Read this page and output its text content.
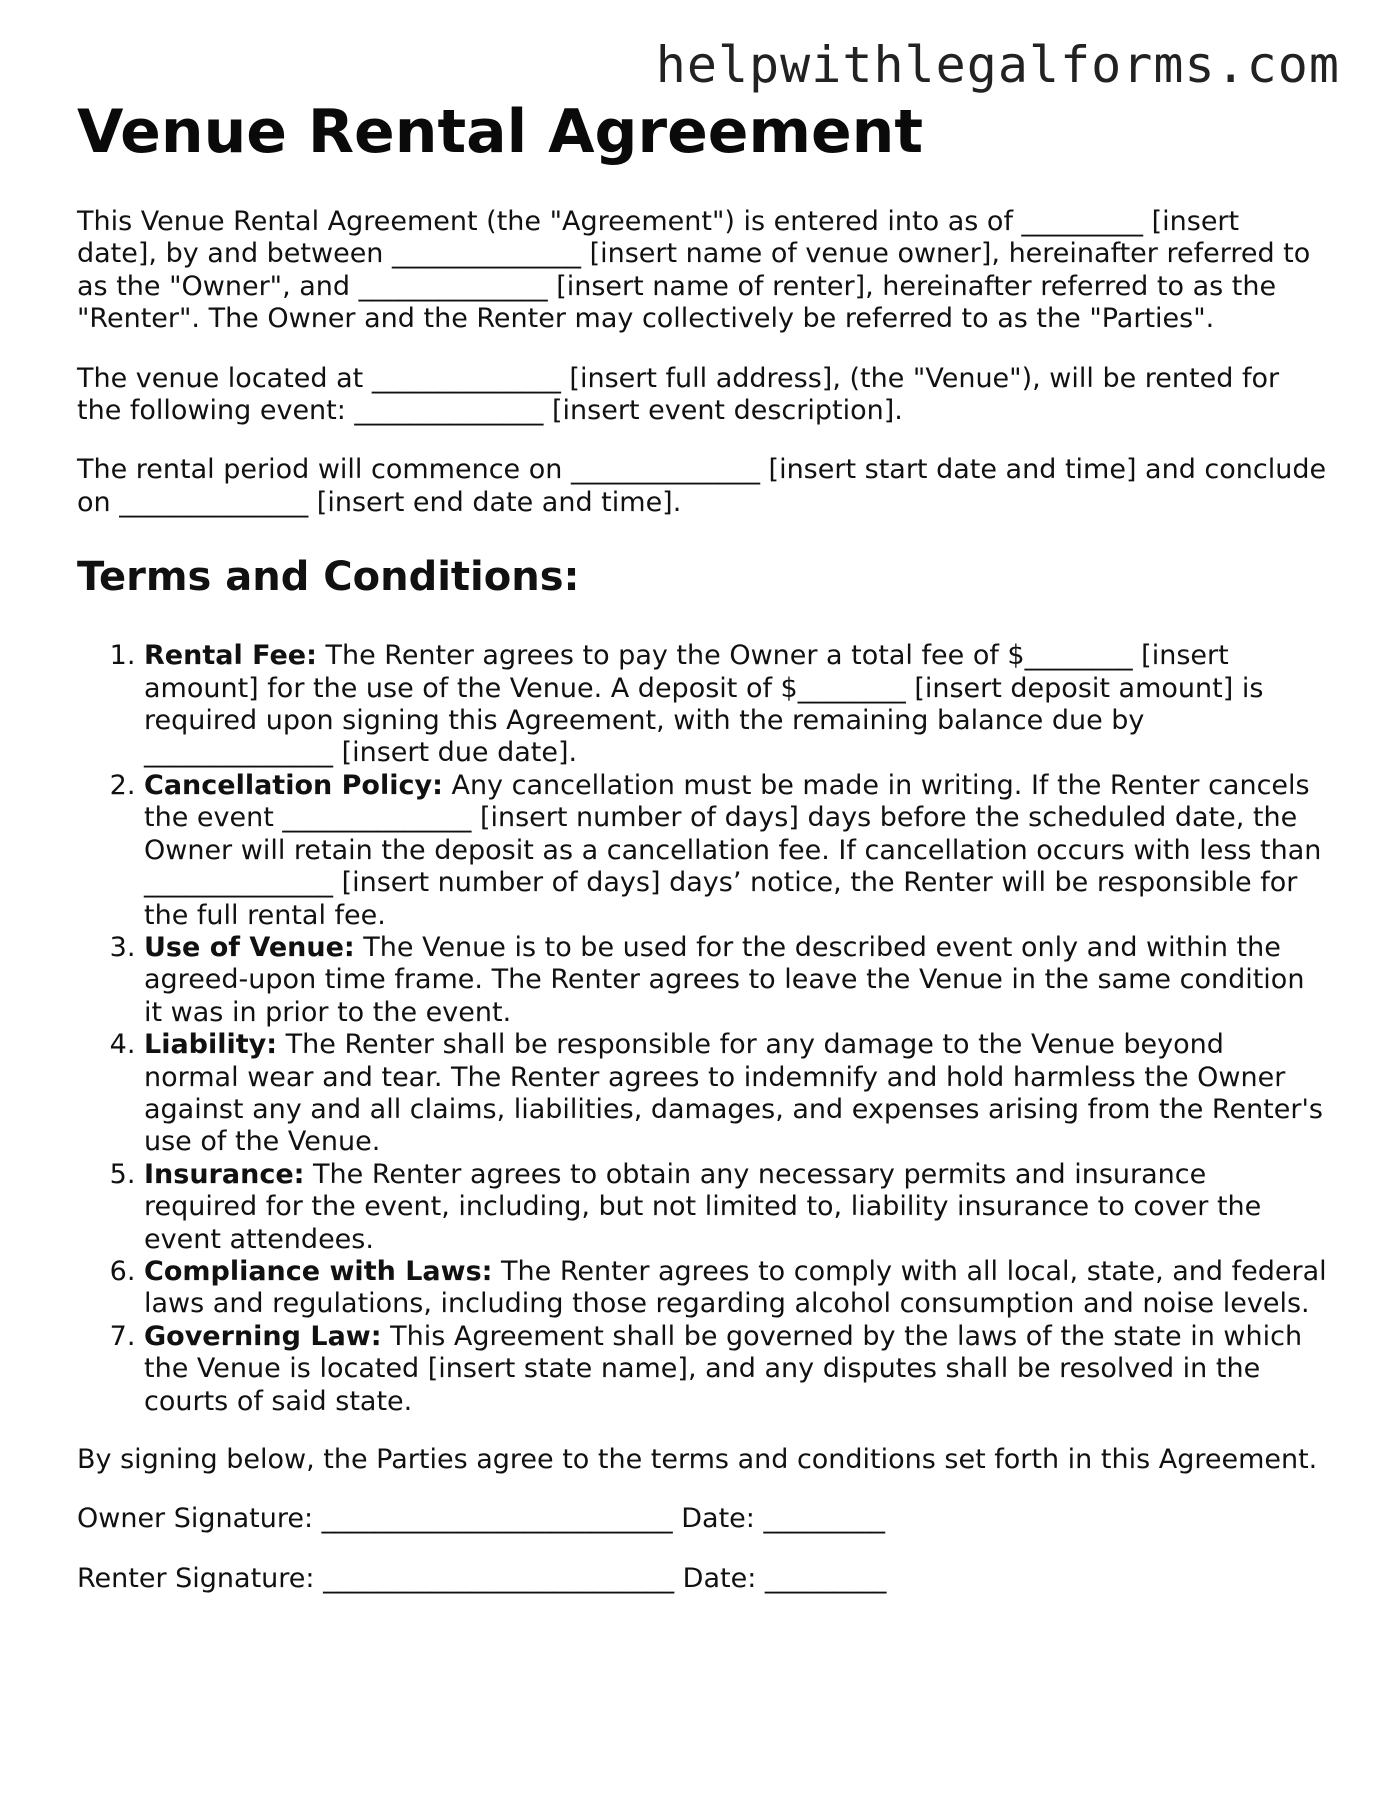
helpwithlegalforms.com
Venue Rental Agreement

This Venue Rental Agreement (the "Agreement") is entered into as of _________ [insert date], by and between ______________ [insert name of venue owner], hereinafter referred to as the "Owner", and ______________ [insert name of renter], hereinafter referred to as the "Renter". The Owner and the Renter may collectively be referred to as the "Parties".

The venue located at ______________ [insert full address], (the "Venue"), will be rented for the following event: ______________ [insert event description].

The rental period will commence on ______________ [insert start date and time] and conclude on ______________ [insert end date and time].

Terms and Conditions:
1. Rental Fee: The Renter agrees to pay the Owner a total fee of $________ [insert amount] for the use of the Venue. A deposit of $________ [insert deposit amount] is required upon signing this Agreement, with the remaining balance due by ______________ [insert due date].
2. Cancellation Policy: Any cancellation must be made in writing. If the Renter cancels the event ______________ [insert number of days] days before the scheduled date, the Owner will retain the deposit as a cancellation fee. If cancellation occurs with less than ______________ [insert number of days] days’ notice, the Renter will be responsible for the full rental fee.
3. Use of Venue: The Venue is to be used for the described event only and within the agreed-upon time frame. The Renter agrees to leave the Venue in the same condition it was in prior to the event.
4. Liability: The Renter shall be responsible for any damage to the Venue beyond normal wear and tear. The Renter agrees to indemnify and hold harmless the Owner against any and all claims, liabilities, damages, and expenses arising from the Renter's use of the Venue.
5. Insurance: The Renter agrees to obtain any necessary permits and insurance required for the event, including, but not limited to, liability insurance to cover the event attendees.
6. Compliance with Laws: The Renter agrees to comply with all local, state, and federal laws and regulations, including those regarding alcohol consumption and noise levels.
7. Governing Law: This Agreement shall be governed by the laws of the state in which the Venue is located [insert state name], and any disputes shall be resolved in the courts of said state.

By signing below, the Parties agree to the terms and conditions set forth in this Agreement.

Owner Signature: __________________________ Date: _________

Renter Signature: __________________________ Date: _________
